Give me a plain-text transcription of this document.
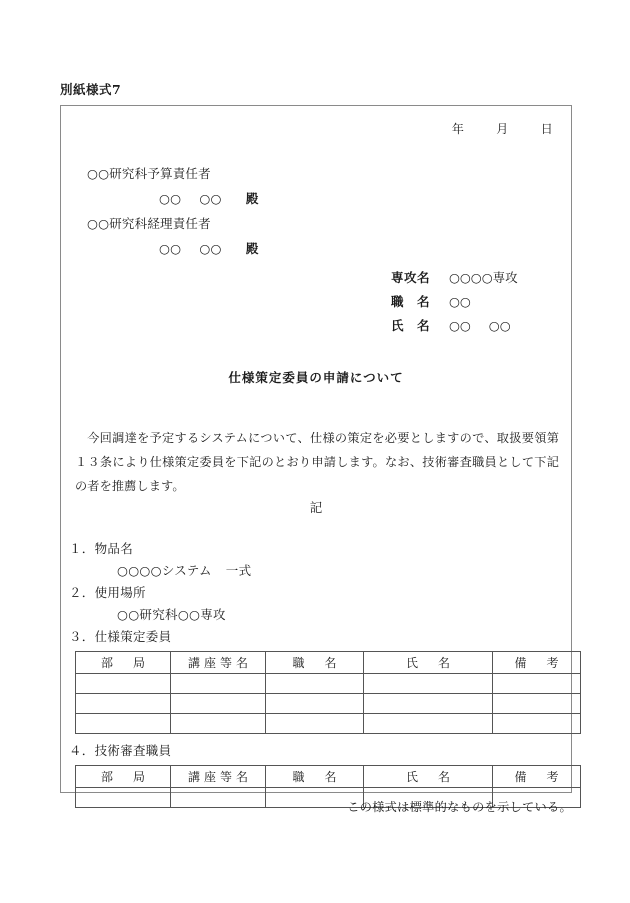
別紙様式7
年	月	日
○○研究科予算責任者
○○ ○○ 殿
○○研究科経理責任者
○○ ○○ 殿
専攻名 ○○○○専攻
職　名 ○○
氏　名 ○○ ○○
仕様策定委員の申請について
今回調達を予定するシステムについて、仕様の策定を必要としますので、取扱要領第１３条により仕様策定委員を下記のとおり申請します。なお、技術審査職員として下記の者を推薦します。
記
１．物品名
○○○○システム 一式
２．使用場所
○○研究科○○専攻
３．仕様策定委員
部　局	講座等名	職　名	氏　名	備　考

４．技術審査職員
部　局	講座等名	職　名	氏　名	備　考

この様式は標準的なものを示している。
